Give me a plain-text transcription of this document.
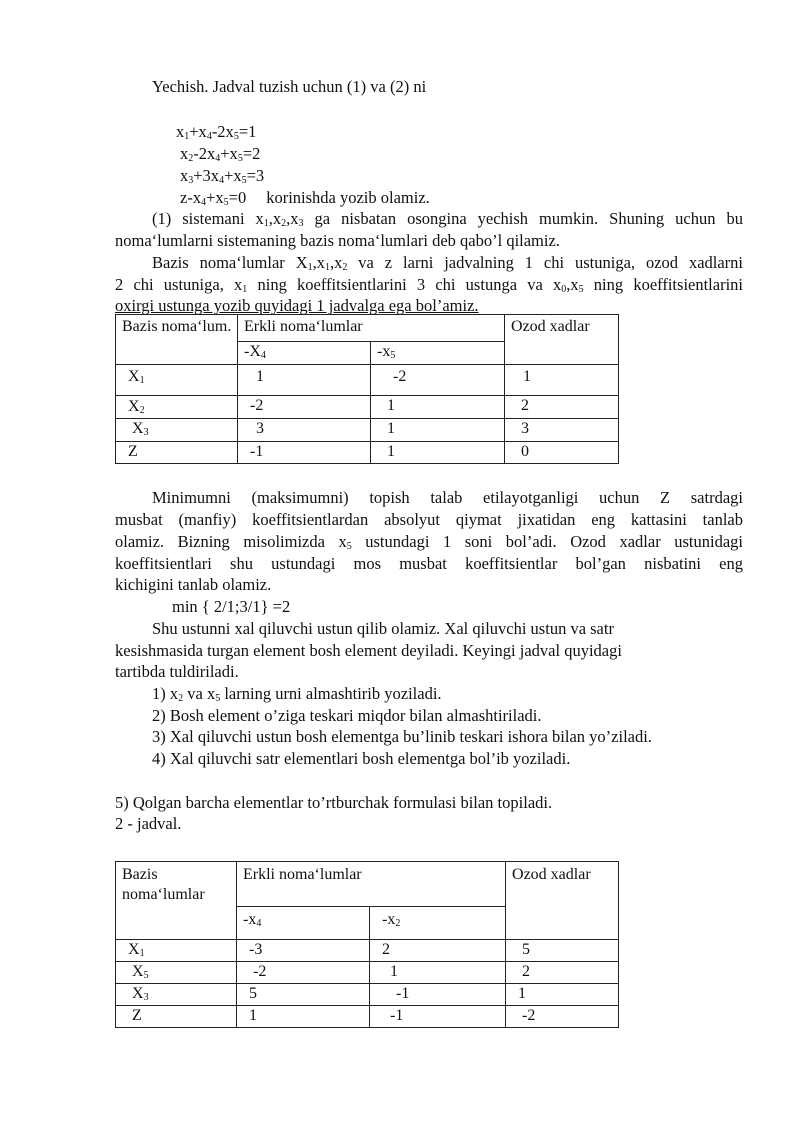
Yechish. Jadval tuzish uchun (1) va (2) ni
$x_1+x_4-2x_5=1$
$x_2-2x_4+x_5=2$
$x_3+3x_4+x_5=3$
$z-x_4+x_5=0$ korinishda yozib olamiz.
(1) sistemani $x_1,x_2,x_3$ ga nisbatan osongina yechish mumkin. Shuning uchun bu
noma‘lumlarni sistemaning bazis noma‘lumlari deb qabo’l qilamiz.
Bazis noma‘lumlar $X_1,x_1,x_2$ va z larni jadvalning 1 chi ustuniga, ozod xadlarni
2 chi ustuniga, $x_1$ ning koeffitsientlarini 3 chi ustunga va $x_0,x_5$ ning koeffitsientlarini
oxirgi ustunga yozib quyidagi 1 jadvalga ega bol’amiz.
Bazis noma‘lum.	Erkli noma‘lumlar		Ozod xadlar
	$-X_4$	$-x_5$
$X_1$	1	-2	1
$X_2$	-2	1	2
$X_3$	3	1	3
Z	-1	1	0
Minimumni (maksimumni) topish talab etilayotganligi uchun Z satrdagi
musbat (manfiy) koeffitsientlardan absolyut qiymat jixatidan eng kattasini tanlab
olamiz. Bizning misolimizda $x_5$ ustundagi 1 soni bol’adi. Ozod xadlar ustunidagi
koeffitsientlari shu ustundagi mos musbat koeffitsientlar bol’gan nisbatini eng
kichigini tanlab olamiz.
min { 2/1;3/1} =2
Shu ustunni xal qiluvchi ustun qilib olamiz. Xal qiluvchi ustun va satr
kesishmasida turgan element bosh element deyiladi. Keyingi jadval quyidagi
tartibda tuldiriladi.
1) $x_2$ va $x_5$ larning urni almashtirib yoziladi.
2) Bosh element o’ziga teskari miqdor bilan almashtiriladi.
3) Xal qiluvchi ustun bosh elementga bu’linib teskari ishora bilan yo’ziladi.
4) Xal qiluvchi satr elementlari bosh elementga bol’ib yoziladi.
5) Qolgan barcha elementlar to’rtburchak formulasi bilan topiladi.
2 - jadval.
Bazis noma‘lumlar	Erkli noma‘lumlar		Ozod xadlar
	$-x_4$	$-x_2$
$X_1$	-3	2	5
$X_5$	-2	1	2
$X_3$	5	-1	1
Z	1	-1	-2
